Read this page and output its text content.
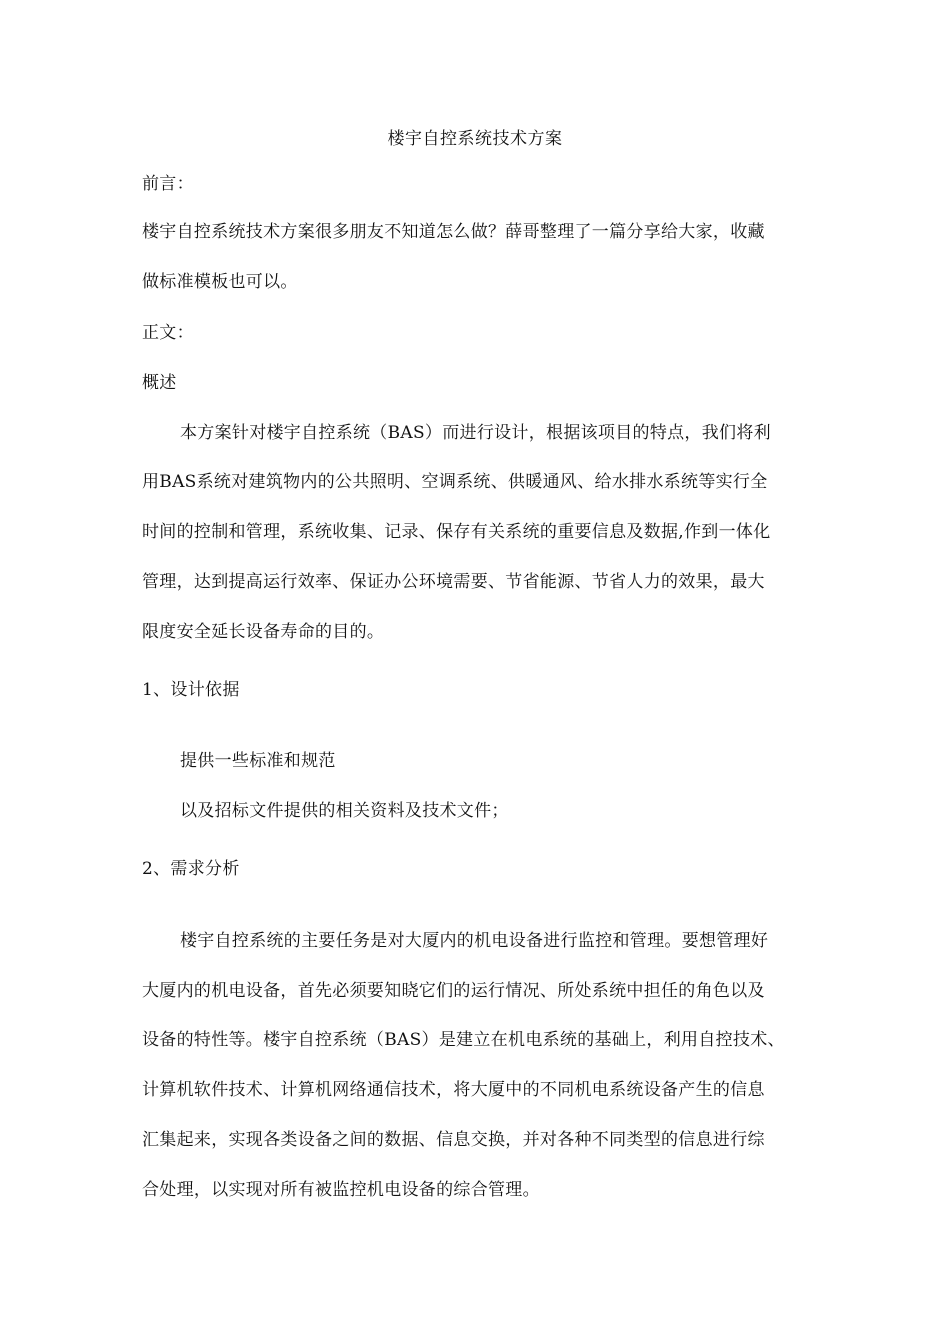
楼宇自控系统技术方案
前言：
楼宇自控系统技术方案很多朋友不知道怎么做？薛哥整理了一篇分享给大家，收藏
做标准模板也可以。
正文：
概述
本方案针对楼宇自控系统（BAS）而进行设计，根据该项目的特点，我们将利
用BAS系统对建筑物内的公共照明、空调系统、供暖通风、给水排水系统等实行全
时间的控制和管理，系统收集、记录、保存有关系统的重要信息及数据,作到一体化
管理，达到提高运行效率、保证办公环境需要、节省能源、节省人力的效果，最大
限度安全延长设备寿命的目的。
1、设计依据
提供一些标准和规范
以及招标文件提供的相关资料及技术文件；
2、需求分析
楼宇自控系统的主要任务是对大厦内的机电设备进行监控和管理。要想管理好
大厦内的机电设备，首先必须要知晓它们的运行情况、所处系统中担任的角色以及
设备的特性等。楼宇自控系统（BAS）是建立在机电系统的基础上，利用自控技术、
计算机软件技术、计算机网络通信技术，将大厦中的不同机电系统设备产生的信息
汇集起来，实现各类设备之间的数据、信息交换，并对各种不同类型的信息进行综
合处理，以实现对所有被监控机电设备的综合管理。
